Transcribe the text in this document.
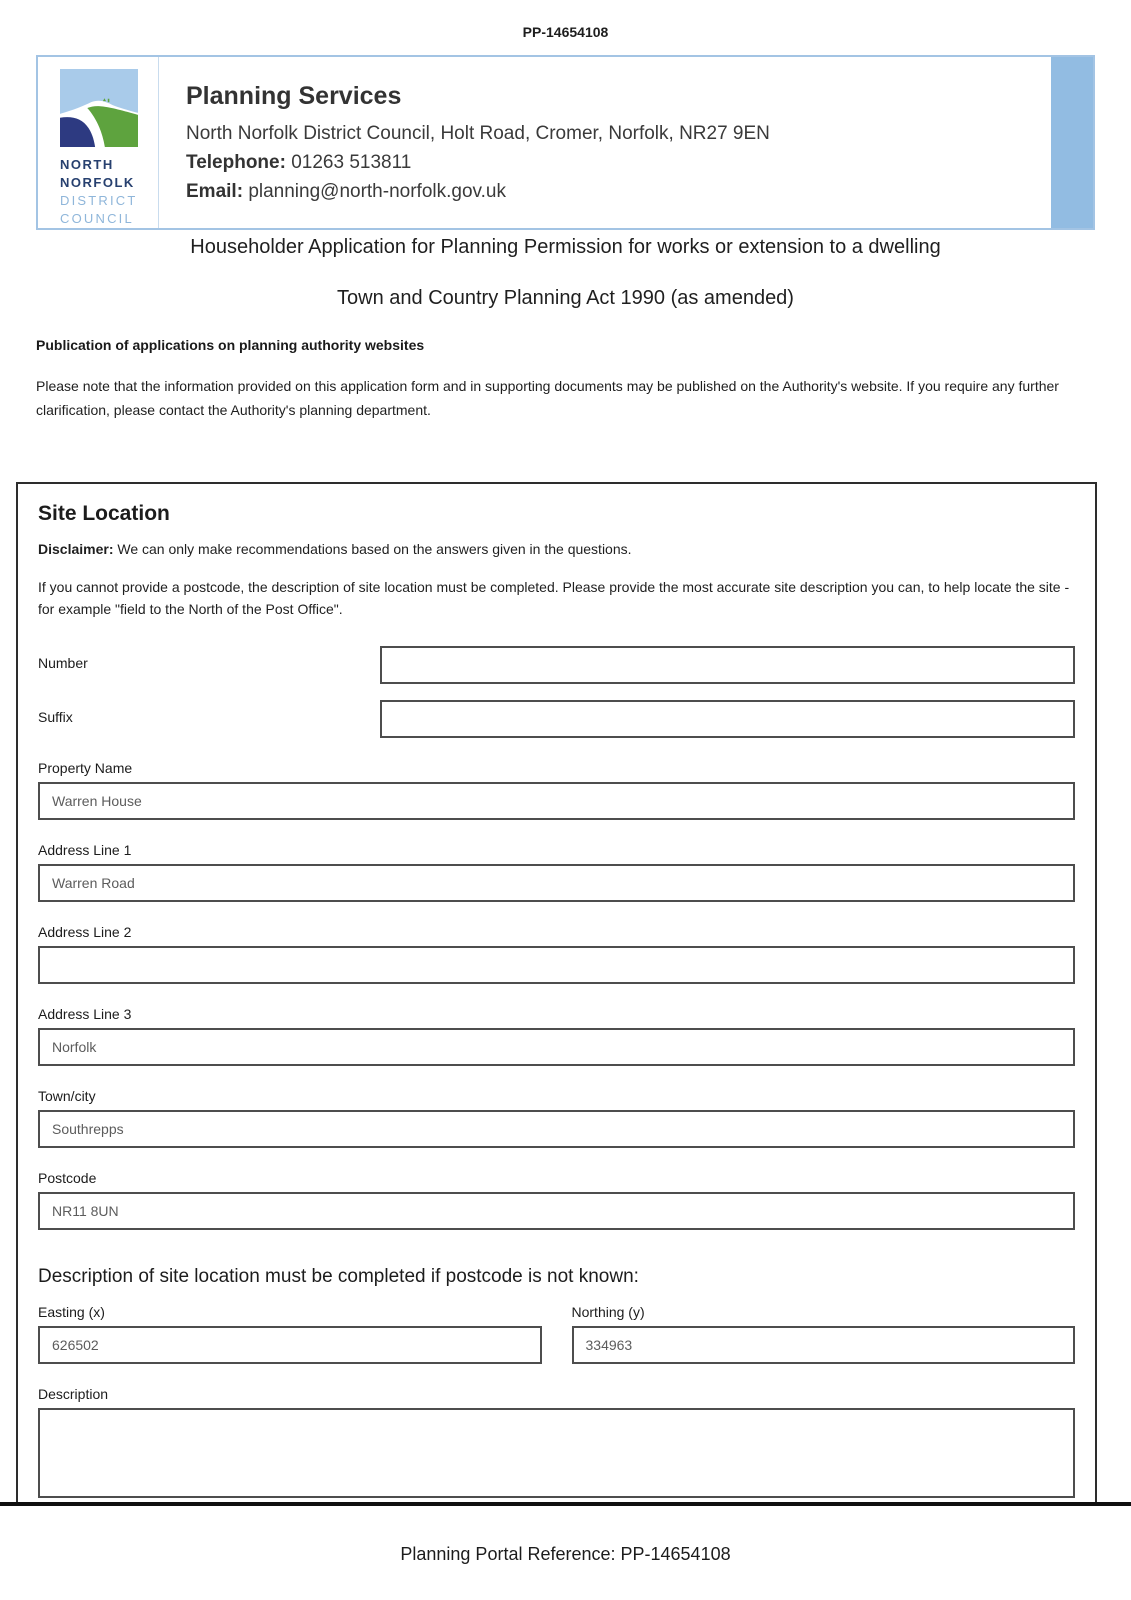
PP-14654108
NORTH
NORFOLK
DISTRICT
COUNCIL
Planning Services
North Norfolk District Council, Holt Road, Cromer, Norfolk, NR27 9EN
Telephone: 01263 513811
Email: planning@north-norfolk.gov.uk
Householder Application for Planning Permission for works or extension to a dwelling
Town and Country Planning Act 1990 (as amended)
Publication of applications on planning authority websites
Please note that the information provided on this application form and in supporting documents may be published on the Authority's website. If you require any further clarification, please contact the Authority's planning department.
Site Location
Disclaimer: We can only make recommendations based on the answers given in the questions.
If you cannot provide a postcode, the description of site location must be completed. Please provide the most accurate site description you can, to help locate the site - for example "field to the North of the Post Office".
Number
Suffix
Property Name
Warren House
Address Line 1
Warren Road
Address Line 2
Address Line 3
Norfolk
Town/city
Southrepps
Postcode
NR11 8UN
Description of site location must be completed if postcode is not known:
Easting (x)
626502	Northing (y)
334963
Description
Planning Portal Reference: PP-14654108
